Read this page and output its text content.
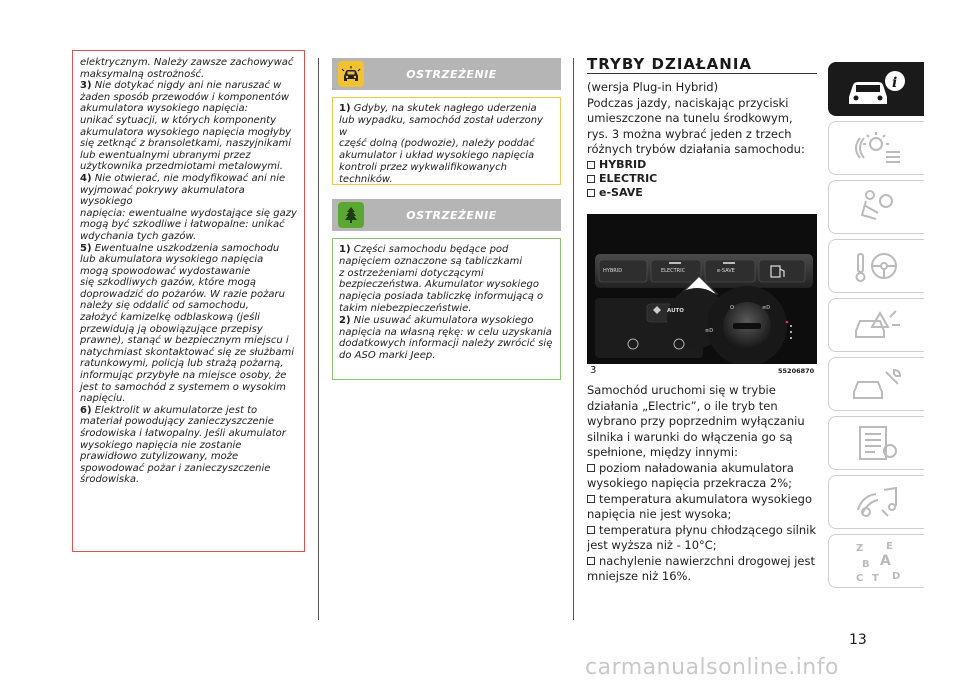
elektrycznym. Należy zawsze zachowywać

maksymalną ostrożność.

3) Nie dotykać nigdy ani nie naruszać w

żaden sposób przewodów i komponentów

akumulatora wysokiego napięcia:

unikać sytuacji, w których komponenty

akumulatora wysokiego napięcia mogłyby

się zetknąć z bransoletkami, naszyjnikami

lub ewentualnymi ubranymi przez

użytkownika przedmiotami metalowymi.

4) Nie otwierać, nie modyfikować ani nie

wyjmować pokrywy akumulatora wysokiego

napięcia: ewentualne wydostające się gazy

mogą być szkodliwe i łatwopalne: unikać

wdychania tych gazów.

5) Ewentualne uszkodzenia samochodu

lub akumulatora wysokiego napięcia

mogą spowodować wydostawanie

się szkodliwych gazów, które mogą

doprowadzić do pożarów. W razie pożaru

należy się oddalić od samochodu,

założyć kamizelkę odblaskową (jeśli

przewidują ją obowiązujące przepisy

prawne), stanąć w bezpiecznym miejscu i

natychmiast skontaktować się ze służbami

ratunkowymi, policją lub strażą pożarną,

informując przybyłe na miejsce osoby, że

jest to samochód z systemem o wysokim

napięciu.

6) Elektrolit w akumulatorze jest to

materiał powodujący zanieczyszczenie

środowiska i łatwopalny. Jeśli akumulator

wysokiego napięcia nie zostanie

prawidłowo zutylizowany, może

spowodować pożar i zanieczyszczenie

środowiska.

OSTRZEŻENIE

1) Gdyby, na skutek nagłego uderzenia

lub wypadku, samochód został uderzony w

część dolną (podwozie), należy poddać

akumulator i układ wysokiego napięcia

kontroli przez wykwalifikowanych

techników.

OSTRZEŻENIE

1) Części samochodu będące pod

napięciem oznaczone są tabliczkami

z ostrzeżeniami dotyczącymi

bezpieczeństwa. Akumulator wysokiego

napięcia posiada tabliczkę informującą o

takim niebezpieczeństwie.

2) Nie usuwać akumulatora wysokiego

napięcia na własną rękę: w celu uzyskania

dodatkowych informacji należy zwrócić się

do ASO marki Jeep.

TRYBY DZIAŁANIA

(wersja Plug-in Hybrid)

Podczas jazdy, naciskając przyciski

umieszczone na tunelu środkowym,

rys. 3 można wybrać jeden z trzech

różnych trybów działania samochodu:

HYBRID
ELECTRIC
e-SAVE
O	≡D
≡D
HYBRID	ELECTRIC	e-SAVE
AUTO
3	55206870

Samochód uruchomi się w trybie

działania „Electric”, o ile tryb ten

wybrano przy poprzednim wyłączaniu

silnika i warunki do włączenia go są

spełnione, między innymi:

poziom naładowania akumulatora

wysokiego napięcia przekracza 2%;

temperatura akumulatora wysokiego

napięcia nie jest wysoka;

temperatura płynu chłodzącego silnik

jest wyższa niż - 10°C;

nachylenie nawierzchni drogowej jest

mniejsze niż 16%.

i
Z E
B A
C T D
13
carmanualsonline.info
